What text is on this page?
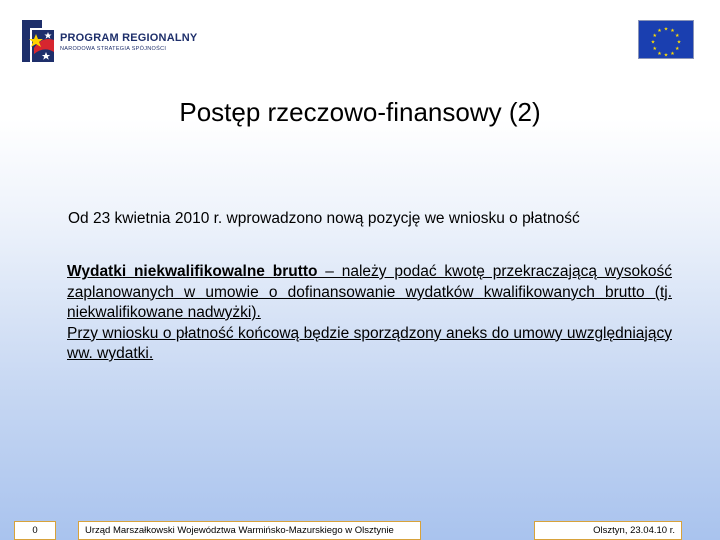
PROGRAM REGIONALNY
NARODOWA STRATEGIA SPÓJNOŚCI
★ ★
★
★
★
★
★
★
★
★
★
★
Postęp rzeczowo-finansowy (2)
Od 23 kwietnia 2010 r. wprowadzono nową pozycję we wniosku o płatność
Wydatki niekwalifikowalne brutto – należy podać kwotę przekraczającą wysokość zaplanowanych w umowie o dofinansowanie wydatków kwalifikowanych brutto (tj. niekwalifikowane nadwyżki).
Przy wniosku o płatność końcową będzie sporządzony aneks do umowy uwzględniający ww. wydatki.
0	Urząd Marszałkowski Województwa Warmińsko-Mazurskiego w Olsztynie	Olsztyn, 23.04.10 r.
